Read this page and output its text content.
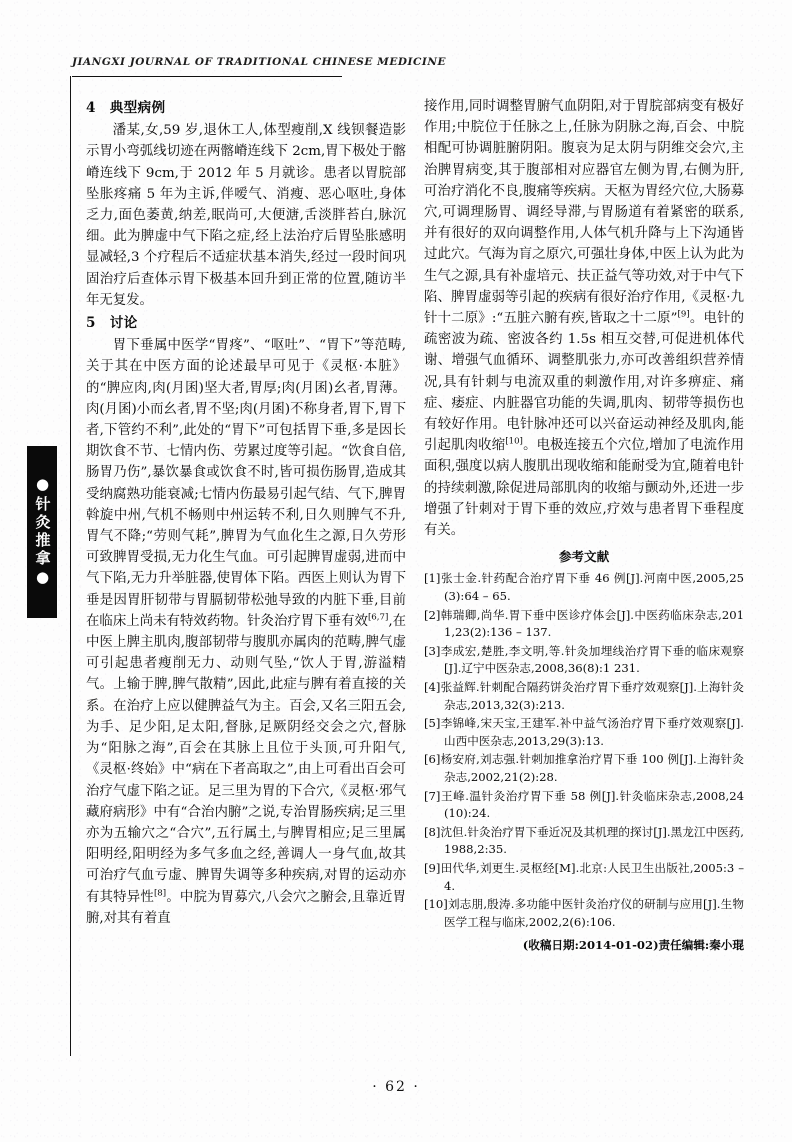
JIANGXI JOURNAL OF TRADITIONAL CHINESE MEDICINE
●针灸推拿●
4 典型病例

潘某,女,59 岁,退休工人,体型瘦削,X 线钡餐造影示胃小弯弧线切迹在两髂嵴连线下 2cm,胃下极处于髂嵴连线下 9cm,于 2012 年 5 月就诊。患者以胃脘部坠胀疼痛 5 年为主诉,伴嗳气、消瘦、恶心呕吐,身体乏力,面色萎黄,纳差,眠尚可,大便溏,舌淡胖苔白,脉沉细。此为脾虚中气下陷之症,经上法治疗后胃坠胀感明显减轻,3 个疗程后不适症状基本消失,经过一段时间巩固治疗后查体示胃下极基本回升到正常的位置,随访半年无复发。

5 讨论

胃下垂属中医学“胃疼”、“呕吐”、“胃下”等范畴,关于其在中医方面的论述最早可见于《灵枢·本脏》的“脾应肉,肉(月囷)坚大者,胃厚;肉(月囷)幺者,胃薄。肉(月囷)小而幺者,胃不坚;肉(月囷)不称身者,胃下,胃下者,下管约不利”,此处的“胃下”可包括胃下垂,多是因长期饮食不节、七情内伤、劳累过度等引起。“饮食自倍,肠胃乃伤”,暴饮暴食或饮食不时,皆可损伤肠胃,造成其受纳腐熟功能衰减;七情内伤最易引起气结、气下,脾胃斡旋中州,气机不畅则中州运转不利,日久则脾气不升,胃气不降;“劳则气耗”,脾胃为气血化生之源,日久劳形可致脾胃受损,无力化生气血。可引起脾胃虚弱,进而中气下陷,无力升举脏器,使胃体下陷。西医上则认为胃下垂是因胃肝韧带与胃膈韧带松弛导致的内脏下垂,目前在临床上尚未有特效药物。针灸治疗胃下垂有效[6,7],在中医上脾主肌肉,腹部韧带与腹肌亦属肉的范畴,脾气虚可引起患者瘦削无力、动则气坠,“饮人于胃,游溢精气。上输于脾,脾气散精”,因此,此症与脾有着直接的关系。在治疗上应以健脾益气为主。百会,又名三阳五会,为手、足少阳,足太阳,督脉,足厥阴经交会之穴,督脉为“阳脉之海”,百会在其脉上且位于头顶,可升阳气,《灵枢·终始》中“病在下者高取之”,由上可看出百会可治疗气虚下陷之证。足三里为胃的下合穴,《灵枢·邪气藏府病形》中有“合治内腑”之说,专治胃肠疾病;足三里亦为五输穴之“合穴”,五行属土,与脾胃相应;足三里属阳明经,阳明经为多气多血之经,善调人一身气血,故其可治疗气血亏虚、脾胃失调等多种疾病,对胃的运动亦有其特异性[8]。中脘为胃募穴,八会穴之腑会,且靠近胃腑,对其有着直

接作用,同时调整胃腑气血阴阳,对于胃脘部病变有极好作用;中脘位于任脉之上,任脉为阴脉之海,百会、中脘相配可协调脏腑阴阳。腹哀为足太阴与阴维交会穴,主治脾胃病变,其于腹部相对应器官左侧为胃,右侧为肝,可治疗消化不良,腹痛等疾病。天枢为胃经穴位,大肠募穴,可调理肠胃、调经导滞,与胃肠道有着紧密的联系,并有很好的双向调整作用,人体气机升降与上下沟通皆过此穴。气海为肓之原穴,可强壮身体,中医上认为此为生气之源,具有补虚培元、扶正益气等功效,对于中气下陷、脾胃虚弱等引起的疾病有很好治疗作用,《灵枢·九针十二原》:“五脏六腑有疾,皆取之十二原”[9]。电针的疏密波为疏、密波各约 1.5s 相互交替,可促进机体代谢、增强气血循环、调整肌张力,亦可改善组织营养情况,具有针刺与电流双重的刺激作用,对许多痹症、痛症、痿症、内脏器官功能的失调,肌肉、韧带等损伤也有较好作用。电针脉冲还可以兴奋运动神经及肌肉,能引起肌肉收缩[10]。电极连接五个穴位,增加了电流作用面积,强度以病人腹肌出现收缩和能耐受为宜,随着电针的持续刺激,除促进局部肌肉的收缩与颤动外,还进一步增强了针刺对于胃下垂的效应,疗效与患者胃下垂程度有关。

参考文献

[1]张士金.针药配合治疗胃下垂 46 例[J].河南中医,2005,25(3):64 – 65.

[2]韩瑞卿,尚华.胃下垂中医诊疗体会[J].中医药临床杂志,2011,23(2):136 – 137.

[3]李成宏,楚胜,李文明,等.针灸加埋线治疗胃下垂的临床观察[J].辽宁中医杂志,2008,36(8):1 231.

[4]张益辉.针刺配合隔药饼灸治疗胃下垂疗效观察[J].上海针灸杂志,2013,32(3):213.

[5]李锦峰,宋天宝,王建军.补中益气汤治疗胃下垂疗效观察[J].山西中医杂志,2013,29(3):13.

[6]杨安府,刘志强.针刺加推拿治疗胃下垂 100 例[J].上海针灸杂志,2002,21(2):28.

[7]王峰.温针灸治疗胃下垂 58 例[J].针灸临床杂志,2008,24(10):24.

[8]沈但.针灸治疗胃下垂近况及其机理的探讨[J].黑龙江中医药,1988,2:35.

[9]田代华,刘更生.灵枢经[M].北京:人民卫生出版社,2005:3 – 4.

[10]刘志朋,殷涛.多功能中医针灸治疗仪的研制与应用[J].生物医学工程与临床,2002,2(6):106.

(收稿日期:2014-01-02)责任编辑:秦小琨
· 62 ·
